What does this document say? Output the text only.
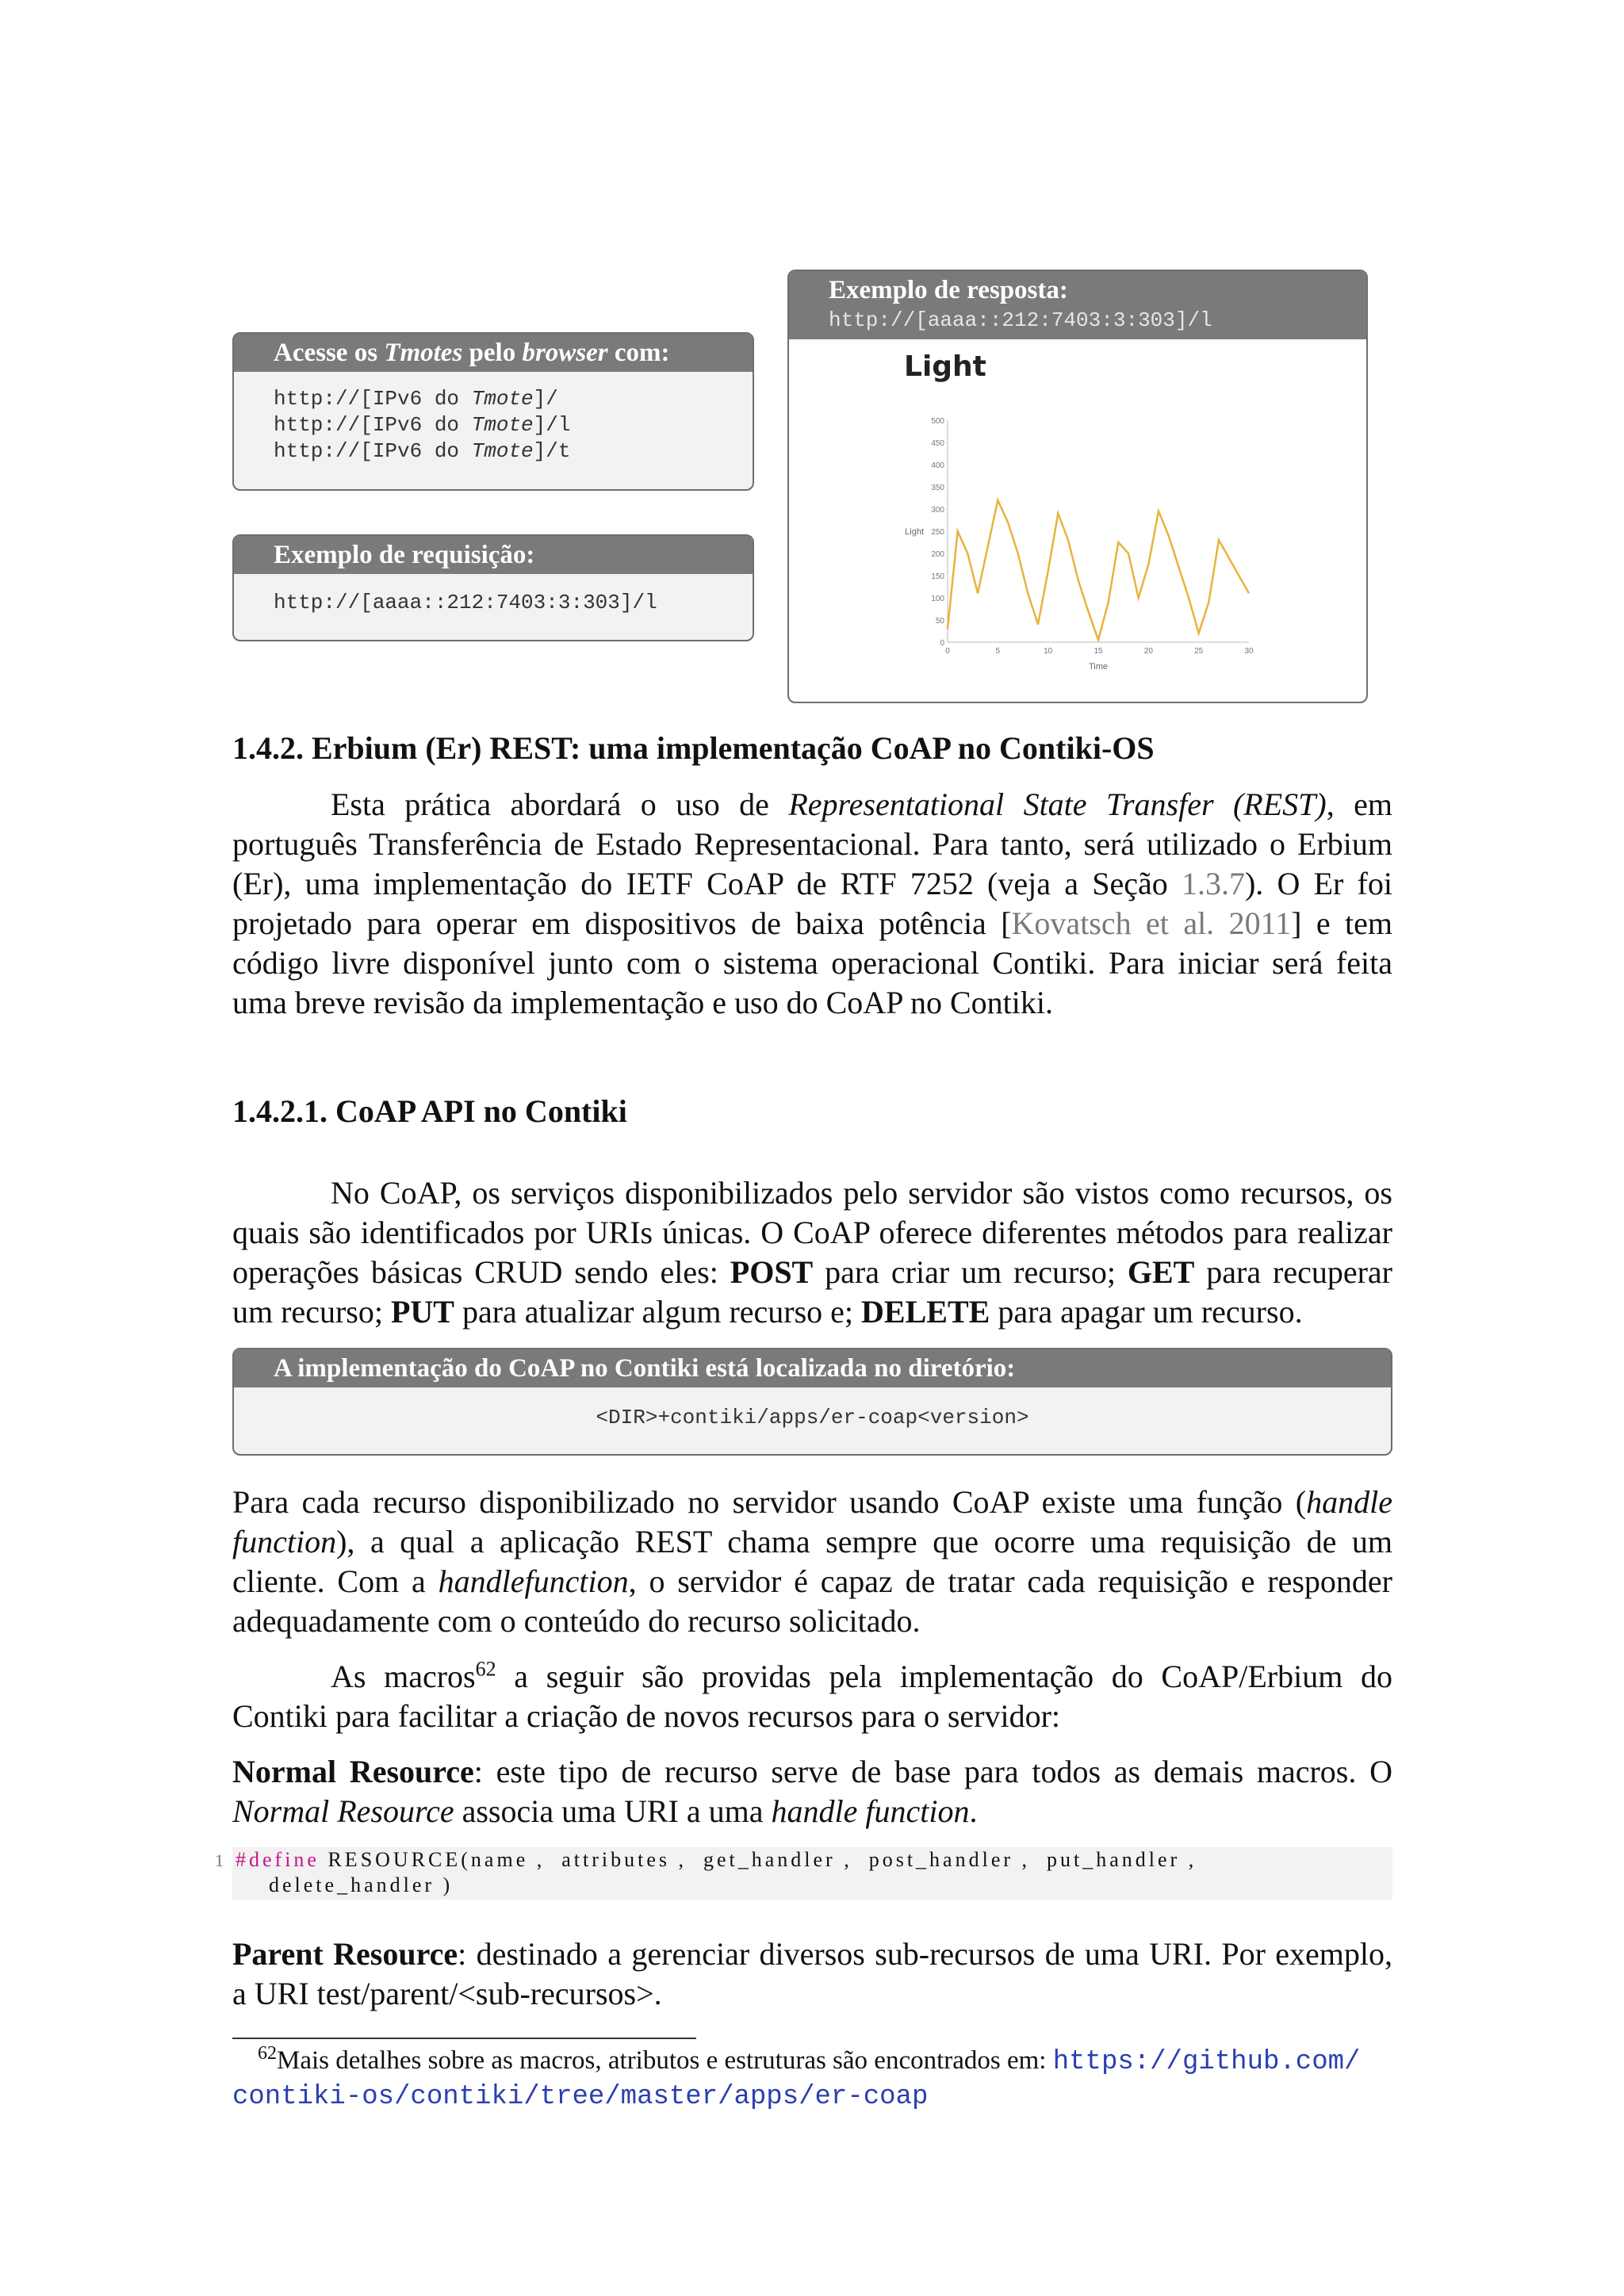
Acesse os Tmotes pelo browser com:
http://[IPv6 do Tmote]/
http://[IPv6 do Tmote]/l
http://[IPv6 do Tmote]/t
Exemplo de requisição:
http://[aaaa::212:7403:3:303]/l
Exemplo de resposta:
http://[aaaa::212:7403:3:303]/l
Light
0
50
100
150
200
250
300
350
400
450
500
0	5	10	15	20	25	30
Light
Time
1.4.2. Erbium (Er) REST: uma implementação CoAP no Contiki-OS

Esta prática abordará o uso de Representational State Transfer (REST), em português Transferência de Estado Representacional. Para tanto, será utilizado o Erbium (Er), uma implementação do IETF CoAP de RTF 7252 (veja a Seção 1.3.7). O Er foi projetado para operar em dispositivos de baixa potência [Kovatsch et al. 2011] e tem código livre disponível junto com o sistema operacional Contiki. Para iniciar será feita uma breve revisão da implementação e uso do CoAP no Contiki.

1.4.2.1. CoAP API no Contiki

No CoAP, os serviços disponibilizados pelo servidor são vistos como recursos, os quais são identificados por URIs únicas. O CoAP oferece diferentes métodos para realizar operações básicas CRUD sendo eles: POST para criar um recurso; GET para recuperar um recurso; PUT para atualizar algum recurso e; DELETE para apagar um recurso.

A implementação do CoAP no Contiki está localizada no diretório:
<DIR>+contiki/apps/er-coap<version>

Para cada recurso disponibilizado no servidor usando CoAP existe uma função (handle function), a qual a aplicação REST chama sempre que ocorre uma requisição de um cliente. Com a handlefunction, o servidor é capaz de tratar cada requisição e responder adequadamente com o conteúdo do recurso solicitado.

As macros$^{62}$ a seguir são providas pela implementação do CoAP/Erbium do Contiki para facilitar a criação de novos recursos para o servidor:

Normal Resource: este tipo de recurso serve de base para todos as demais macros. O Normal Resource associa uma URI a uma handle function.

1 #define RESOURCE(name ,  attributes ,  get_handler ,  post_handler ,  put_handler ,
delete_handler )

Parent Resource: destinado a gerenciar diversos sub-recursos de uma URI. Por exemplo, a URI test/parent/<sub-recursos>.

$^{62}$Mais detalhes sobre as macros, atributos e estruturas são encontrados em: https://github.com/
contiki-os/contiki/tree/master/apps/er-coap
